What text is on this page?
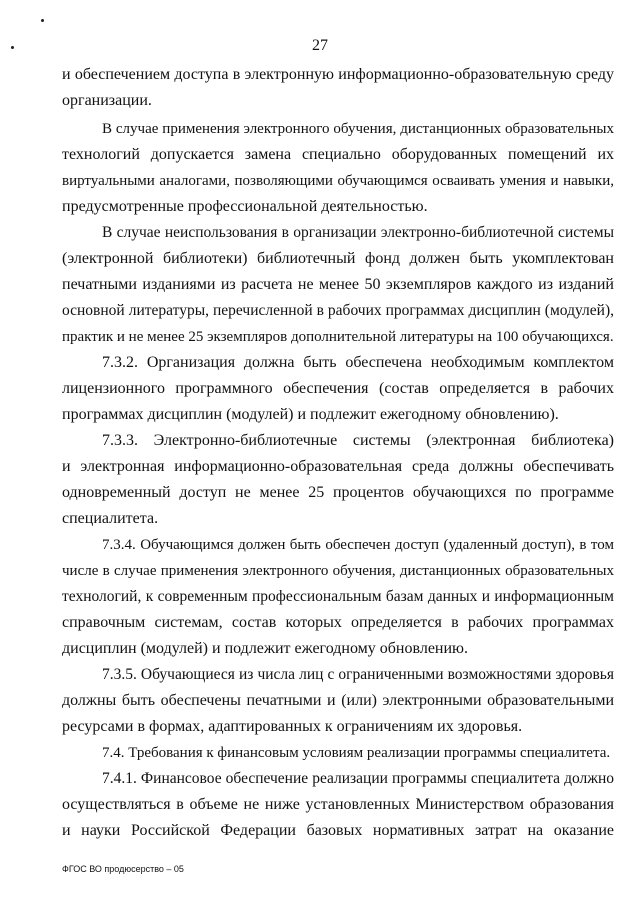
27
и обеспечением доступа в электронную информационно-образовательную среду
организации.
В случае применения электронного обучения, дистанционных образовательных
технологий допускается замена специально оборудованных помещений их
виртуальными аналогами, позволяющими обучающимся осваивать умения и навыки,
предусмотренные профессиональной деятельностью.
В случае неиспользования в организации электронно-библиотечной системы
(электронной библиотеки) библиотечный фонд должен быть укомплектован
печатными изданиями из расчета не менее 50 экземпляров каждого из изданий
основной литературы, перечисленной в рабочих программах дисциплин (модулей),
практик и не менее 25 экземпляров дополнительной литературы на 100 обучающихся.
7.3.2. Организация должна быть обеспечена необходимым комплектом
лицензионного программного обеспечения (состав определяется в рабочих
программах дисциплин (модулей) и подлежит ежегодному обновлению).
7.3.3. Электронно-библиотечные системы (электронная библиотека)
и электронная информационно-образовательная среда должны обеспечивать
одновременный доступ не менее 25 процентов обучающихся по программе
специалитета.
7.3.4. Обучающимся должен быть обеспечен доступ (удаленный доступ), в том
числе в случае применения электронного обучения, дистанционных образовательных
технологий, к современным профессиональным базам данных и информационным
справочным системам, состав которых определяется в рабочих программах
дисциплин (модулей) и подлежит ежегодному обновлению.
7.3.5. Обучающиеся из числа лиц с ограниченными возможностями здоровья
должны быть обеспечены печатными и (или) электронными образовательными
ресурсами в формах, адаптированных к ограничениям их здоровья.
7.4. Требования к финансовым условиям реализации программы специалитета.
7.4.1. Финансовое обеспечение реализации программы специалитета должно
осуществляться в объеме не ниже установленных Министерством образования
и науки Российской Федерации базовых нормативных затрат на оказание
ФГОС ВО продюсерство – 05
